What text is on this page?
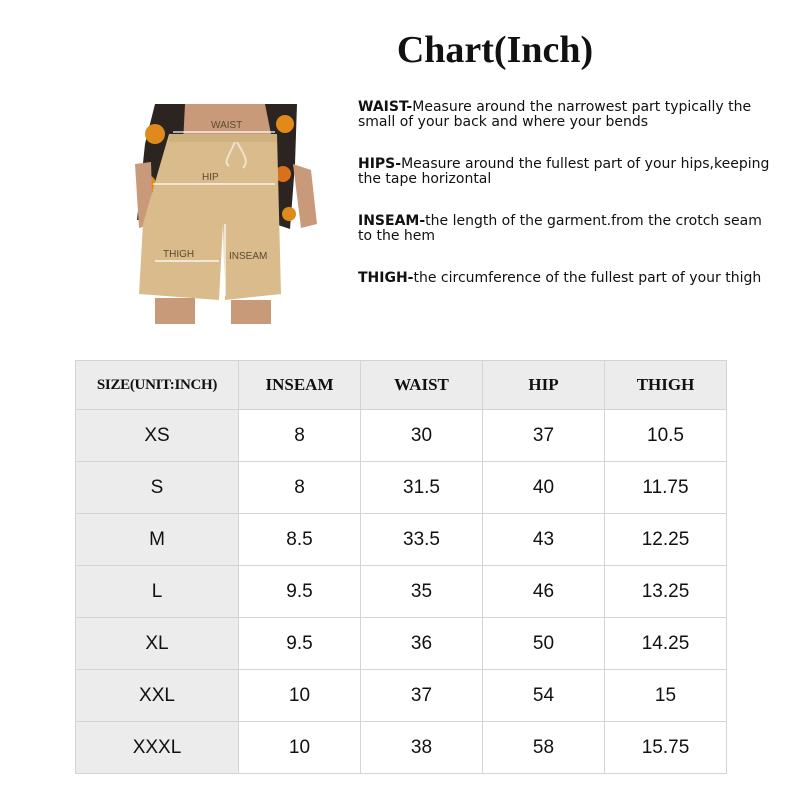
Chart(Inch)
WAIST
HIP
THIGH	INSEAM
WAIST-Measure around the narrowest part typically the small of your back and where your bends
HIPS-Measure around the fullest part of your hips,keeping the tape horizontal
INSEAM-the length of the garment.from the crotch seam to the hem
THIGH-the circumference of the fullest part of your thigh
SIZE(UNIT:INCH)	INSEAM	WAIST	HIP	THIGH
XS	8	30	37	10.5
S	8	31.5	40	11.75
M	8.5	33.5	43	12.25
L	9.5	35	46	13.25
XL	9.5	36	50	14.25
XXL	10	37	54	15
XXXL	10	38	58	15.75
